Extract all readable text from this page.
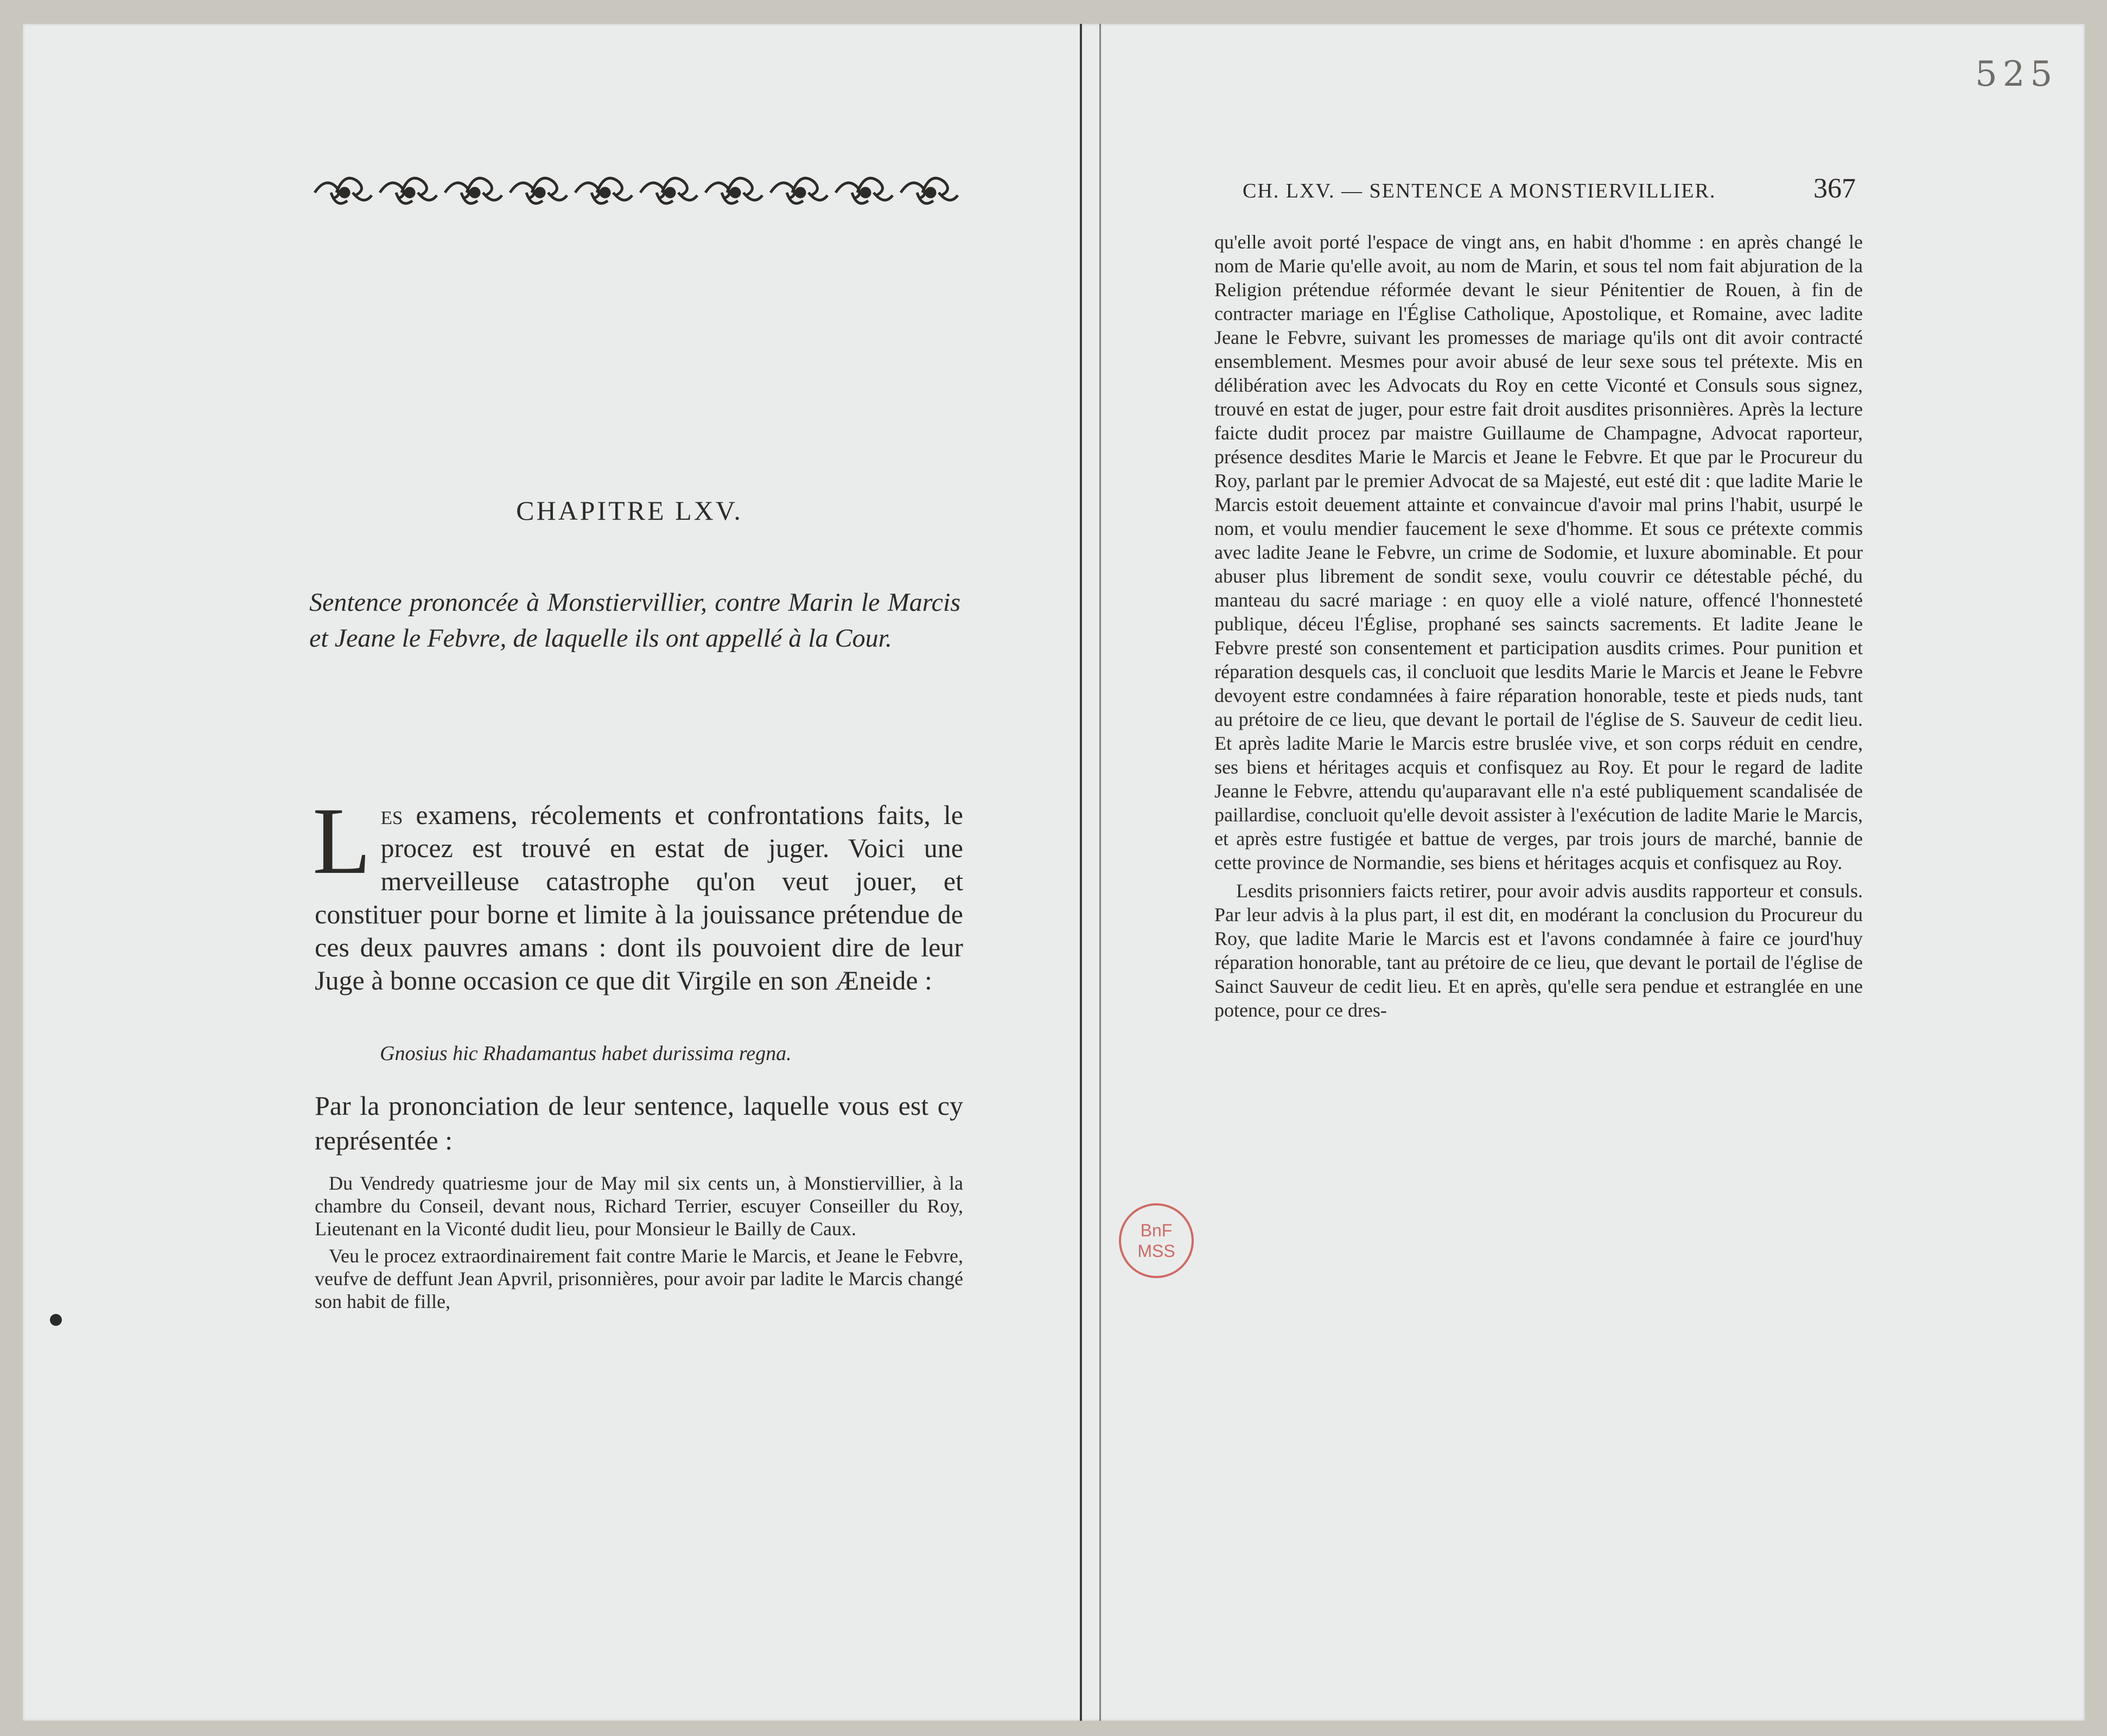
525
CHAPITRE LXV.

Sentence prononcée à Monstiervillier, contre Marin le Marcis et Jeane le Febvre, de laquelle ils ont appellé à la Cour.

Les examens, récolements et confrontations faits, le procez est trouvé en estat de juger. Voici une merveilleuse catastrophe qu'on veut jouer, et constituer pour borne et limite à la jouissance prétendue de ces deux pauvres amans : dont ils pouvoient dire de leur Juge à bonne occasion ce que dit Virgile en son Æneide :

Gnosius hic Rhadamantus habet durissima regna.
Par la prononciation de leur sentence, laquelle vous est cy représentée :

Du Vendredy quatriesme jour de May mil six cents un, à Monstiervillier, à la chambre du Conseil, devant nous, Richard Terrier, escuyer Conseiller du Roy, Lieutenant en la Viconté dudit lieu, pour Monsieur le Bailly de Caux.

Veu le procez extraordinairement fait contre Marie le Marcis, et Jeane le Febvre, veufve de deffunt Jean Apvril, prisonnières, pour avoir par ladite le Marcis changé son habit de fille,

CH. LXV. — SENTENCE A MONSTIERVILLIER.	367

qu'elle avoit porté l'espace de vingt ans, en habit d'homme : en après changé le nom de Marie qu'elle avoit, au nom de Marin, et sous tel nom fait abjuration de la Religion prétendue réformée devant le sieur Pénitentier de Rouen, à fin de contracter mariage en l'Église Catholique, Apostolique, et Romaine, avec ladite Jeane le Febvre, suivant les promesses de mariage qu'ils ont dit avoir contracté ensemblement. Mesmes pour avoir abusé de leur sexe sous tel prétexte. Mis en délibération avec les Advocats du Roy en cette Viconté et Consuls sous signez, trouvé en estat de juger, pour estre fait droit ausdites prisonnières. Après la lecture faicte dudit procez par maistre Guillaume de Champagne, Advocat raporteur, présence desdites Marie le Marcis et Jeane le Febvre. Et que par le Procureur du Roy, parlant par le premier Advocat de sa Majesté, eut esté dit : que ladite Marie le Marcis estoit deuement attainte et convaincue d'avoir mal prins l'habit, usurpé le nom, et voulu mendier faucement le sexe d'homme. Et sous ce prétexte commis avec ladite Jeane le Febvre, un crime de Sodomie, et luxure abominable. Et pour abuser plus librement de sondit sexe, voulu couvrir ce détestable péché, du manteau du sacré mariage : en quoy elle a violé nature, offencé l'honnesteté publique, déceu l'Église, prophané ses saincts sacrements. Et ladite Jeane le Febvre presté son consentement et participation ausdits crimes. Pour punition et réparation desquels cas, il concluoit que lesdits Marie le Marcis et Jeane le Febvre devoyent estre condamnées à faire réparation honorable, teste et pieds nuds, tant au prétoire de ce lieu, que devant le portail de l'église de S. Sauveur de cedit lieu. Et après ladite Marie le Marcis estre bruslée vive, et son corps réduit en cendre, ses biens et héritages acquis et confisquez au Roy. Et pour le regard de ladite Jeanne le Febvre, attendu qu'auparavant elle n'a esté publiquement scandalisée de paillardise, concluoit qu'elle devoit assister à l'exécution de ladite Marie le Marcis, et après estre fustigée et battue de verges, par trois jours de marché, bannie de cette province de Normandie, ses biens et héritages acquis et confisquez au Roy.

Lesdits prisonniers faicts retirer, pour avoir advis ausdits rapporteur et consuls. Par leur advis à la plus part, il est dit, en modérant la conclusion du Procureur du Roy, que ladite Marie le Marcis est et l'avons condamnée à faire ce jourd'huy réparation honorable, tant au prétoire de ce lieu, que devant le portail de l'église de Sainct Sauveur de cedit lieu. Et en après, qu'elle sera pendue et estranglée en une potence, pour ce dres-

BnF
MSS
